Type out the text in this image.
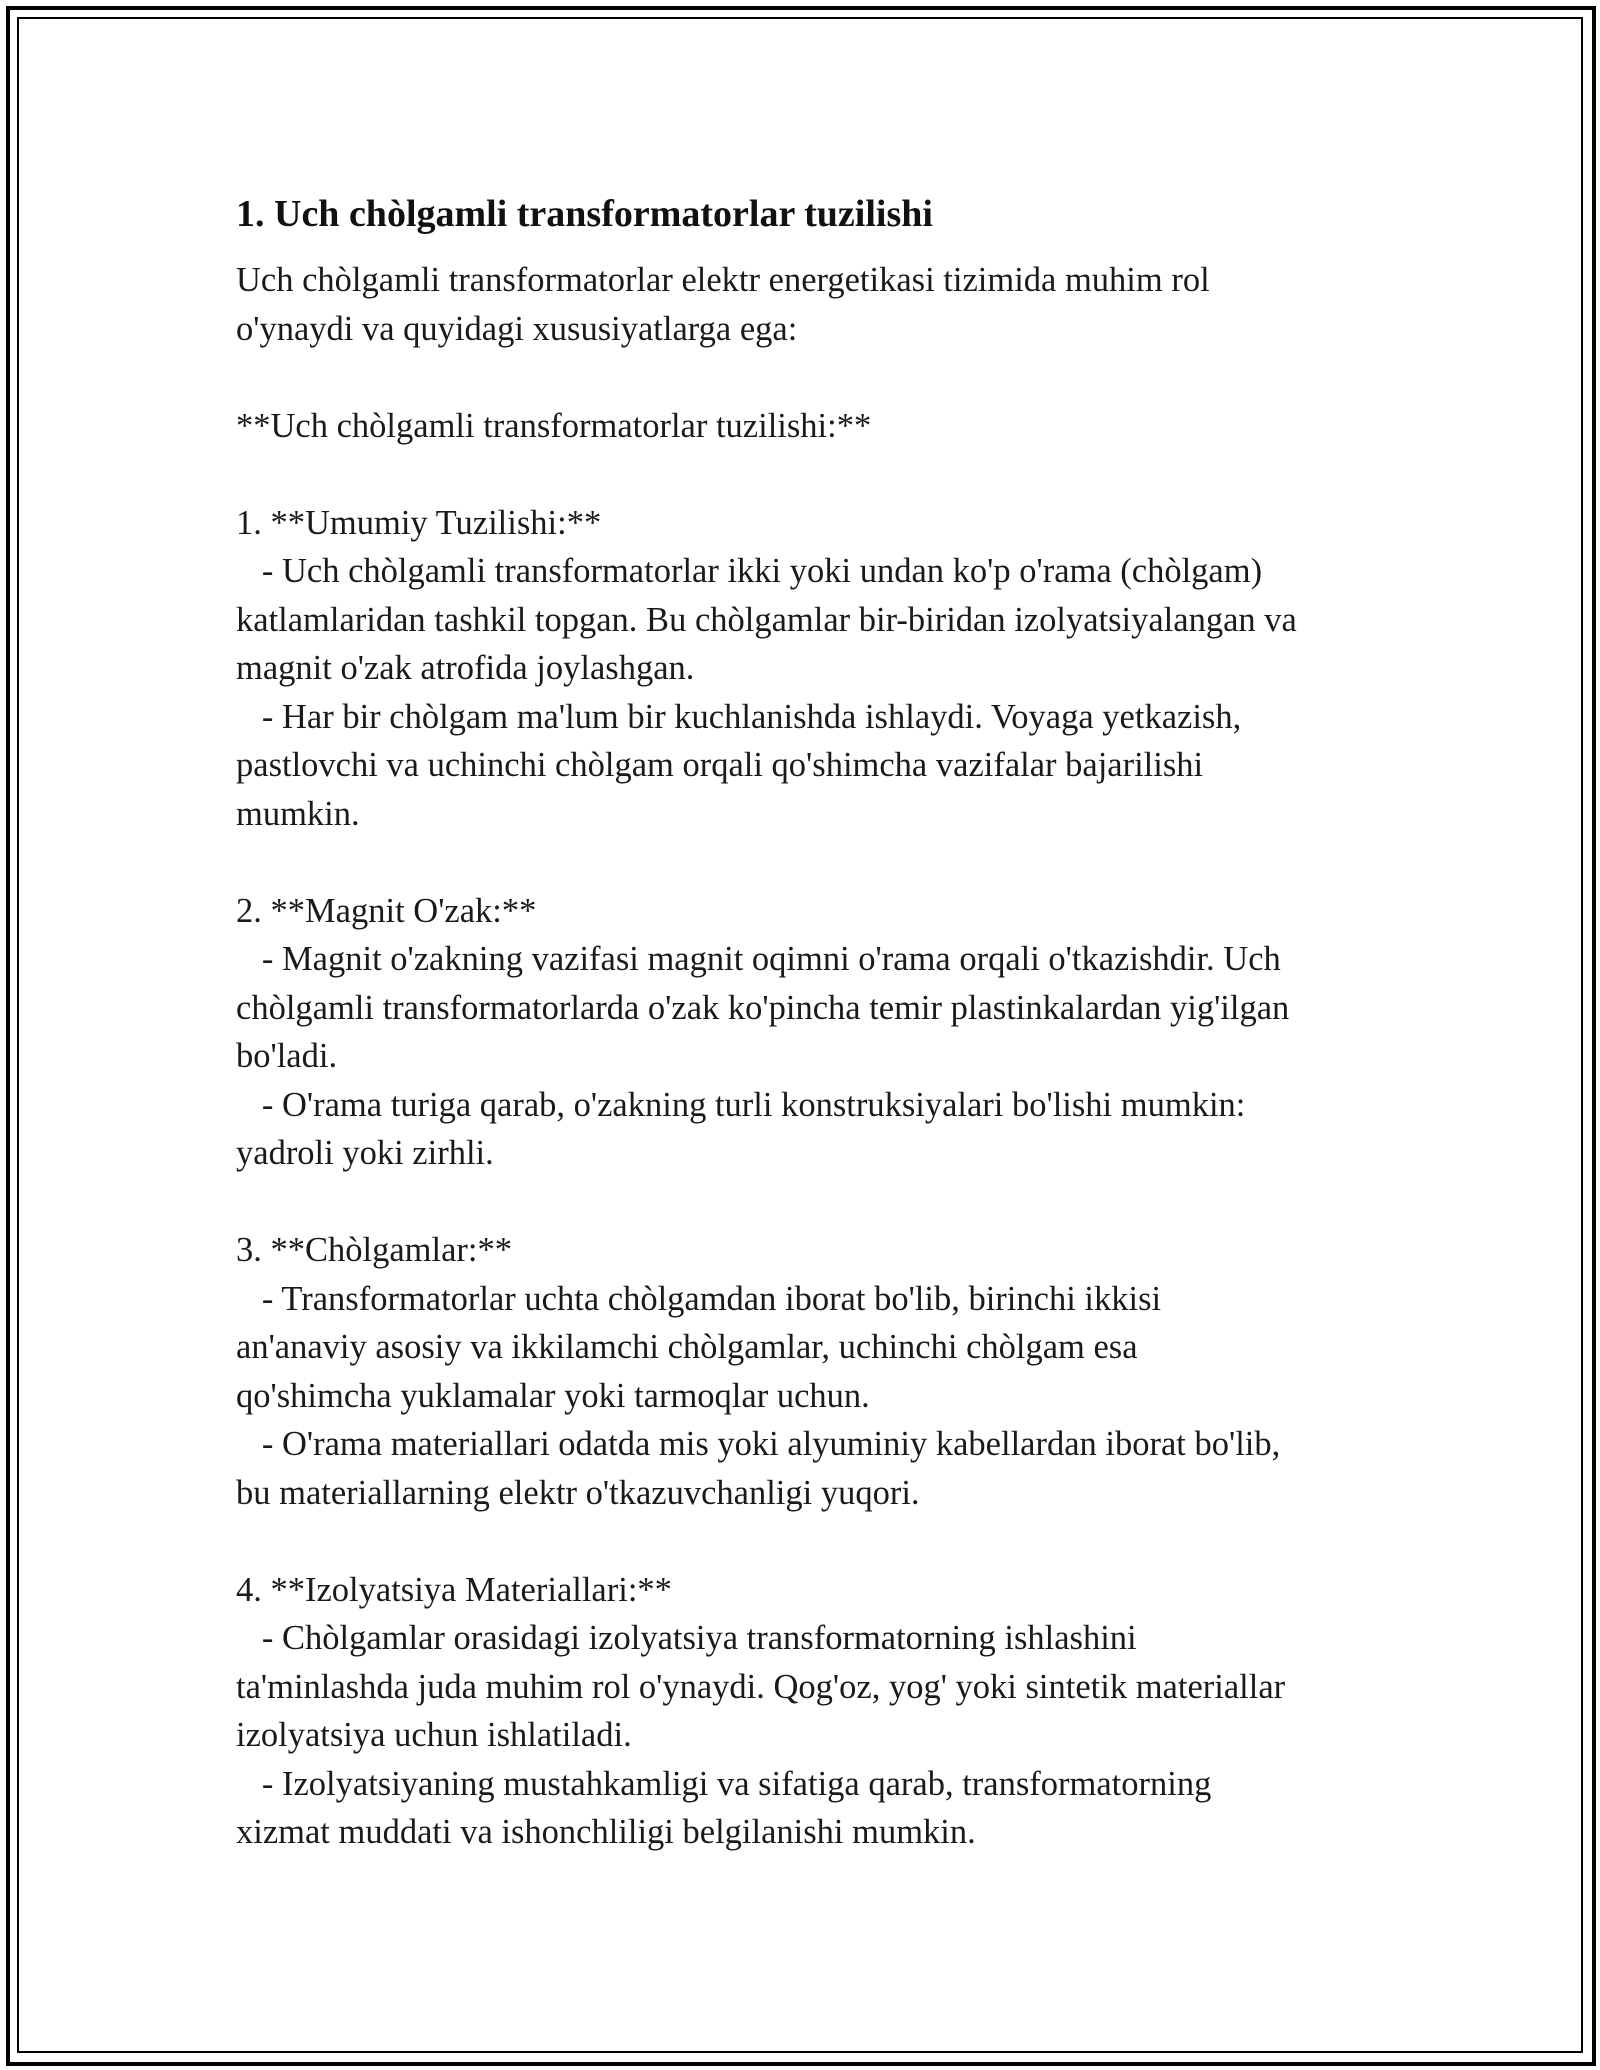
1. Uch chòlgamli transformatorlar tuzilishi

Uch chòlgamli transformatorlar elektr energetikasi tizimida muhim rol

o'ynaydi va quyidagi xususiyatlarga ega:

**Uch chòlgamli transformatorlar tuzilishi:**

1. **Umumiy Tuzilishi:**

- Uch chòlgamli transformatorlar ikki yoki undan ko'p o'rama (chòlgam)

katlamlaridan tashkil topgan. Bu chòlgamlar bir-biridan izolyatsiyalangan va

magnit o'zak atrofida joylashgan.

- Har bir chòlgam ma'lum bir kuchlanishda ishlaydi. Voyaga yetkazish,

pastlovchi va uchinchi chòlgam orqali qo'shimcha vazifalar bajarilishi

mumkin.

2. **Magnit O'zak:**

- Magnit o'zakning vazifasi magnit oqimni o'rama orqali o'tkazishdir. Uch

chòlgamli transformatorlarda o'zak ko'pincha temir plastinkalardan yig'ilgan

bo'ladi.

- O'rama turiga qarab, o'zakning turli konstruksiyalari bo'lishi mumkin:

yadroli yoki zirhli.

3. **Chòlgamlar:**

- Transformatorlar uchta chòlgamdan iborat bo'lib, birinchi ikkisi

an'anaviy asosiy va ikkilamchi chòlgamlar, uchinchi chòlgam esa

qo'shimcha yuklamalar yoki tarmoqlar uchun.

- O'rama materiallari odatda mis yoki alyuminiy kabellardan iborat bo'lib,

bu materiallarning elektr o'tkazuvchanligi yuqori.

4. **Izolyatsiya Materiallari:**

- Chòlgamlar orasidagi izolyatsiya transformatorning ishlashini

ta'minlashda juda muhim rol o'ynaydi. Qog'oz, yog' yoki sintetik materiallar

izolyatsiya uchun ishlatiladi.

- Izolyatsiyaning mustahkamligi va sifatiga qarab, transformatorning

xizmat muddati va ishonchliligi belgilanishi mumkin.
